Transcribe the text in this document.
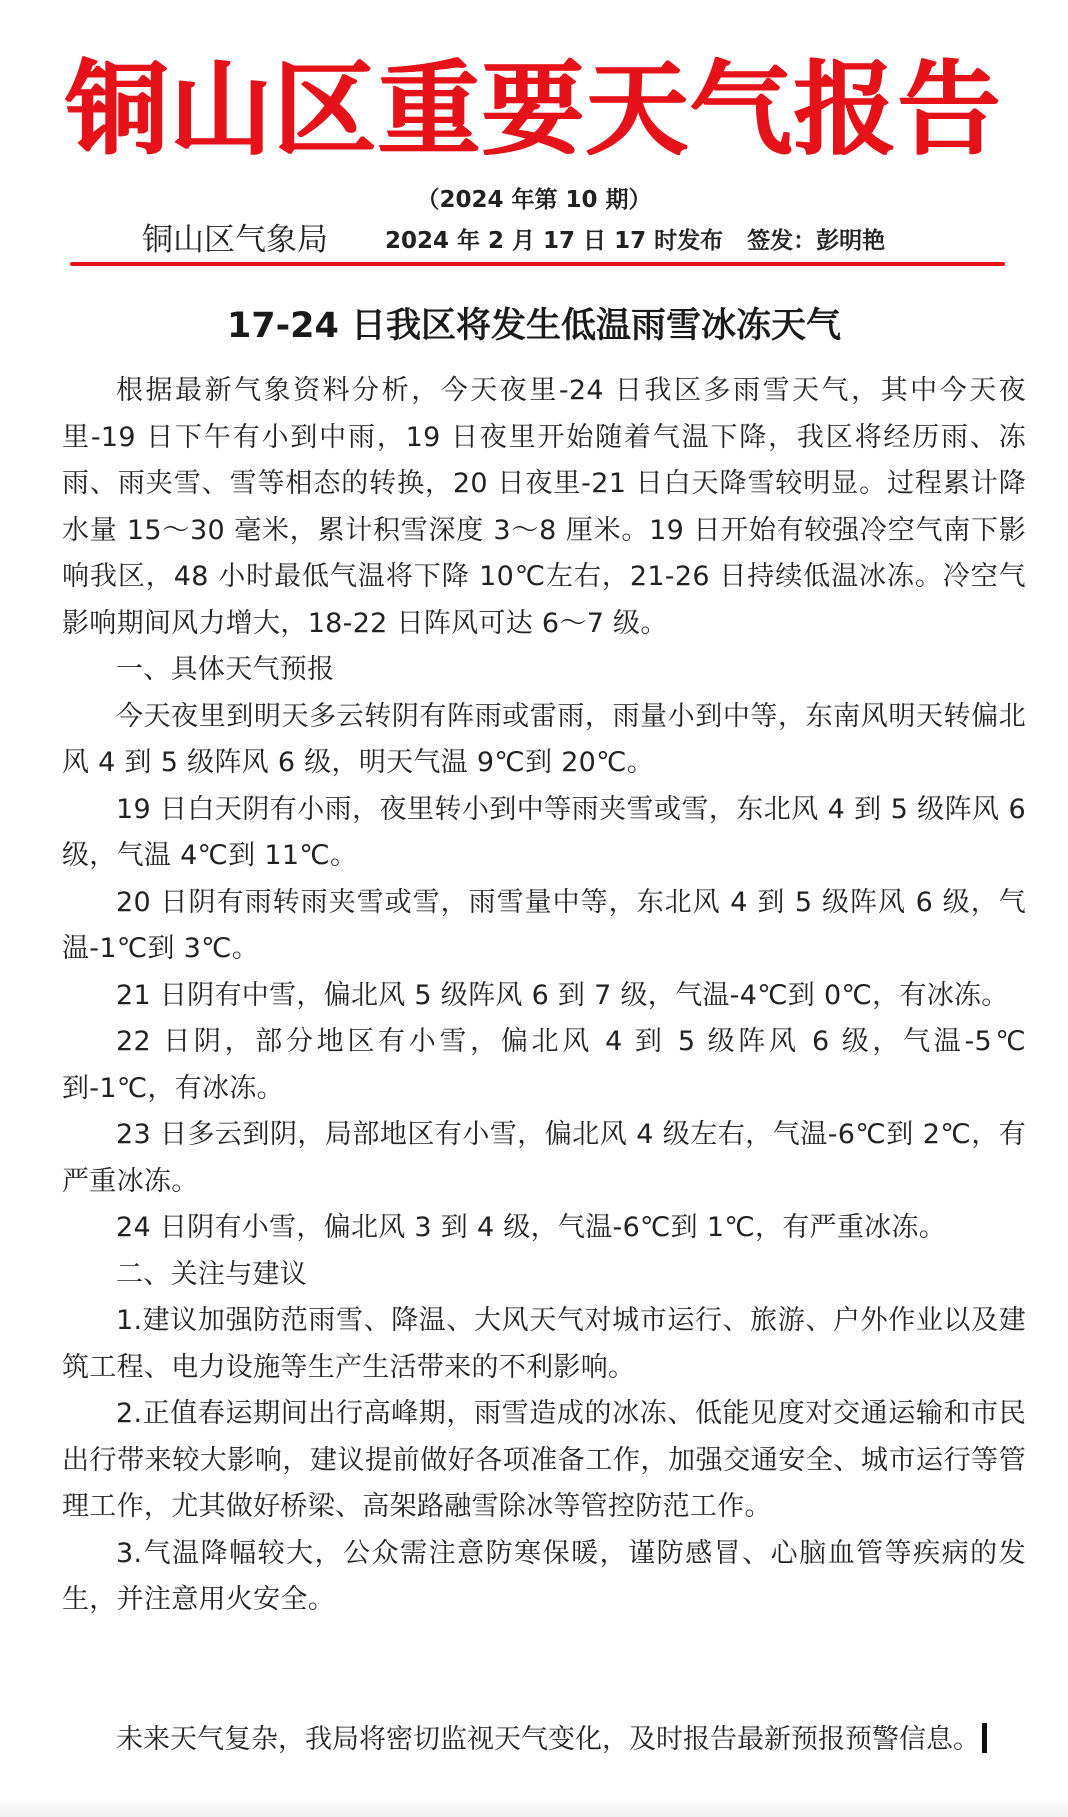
铜山区重要天气报告
（2024 年第 10 期）
铜山区气象局 2024 年 2 月 17 日 17 时发布 签发：彭明艳
17-24 日我区将发生低温雨雪冰冻天气

根据最新气象资料分析，今天夜里-24 日我区多雨雪天气，其中今天夜里-19 日下午有小到中雨，19 日夜里开始随着气温下降，我区将经历雨、冻雨、雨夹雪、雪等相态的转换，20 日夜里-21 日白天降雪较明显。过程累计降水量 15～30 毫米，累计积雪深度 3～8 厘米。19 日开始有较强冷空气南下影响我区，48 小时最低气温将下降 10℃左右，21-26 日持续低温冰冻。冷空气影响期间风力增大，18-22 日阵风可达 6～7 级。

一、具体天气预报

今天夜里到明天多云转阴有阵雨或雷雨，雨量小到中等，东南风明天转偏北风 4 到 5 级阵风 6 级，明天气温 9℃到 20℃。

19 日白天阴有小雨，夜里转小到中等雨夹雪或雪，东北风 4 到 5 级阵风 6 级，气温 4℃到 11℃。

20 日阴有雨转雨夹雪或雪，雨雪量中等，东北风 4 到 5 级阵风 6 级，气温-1℃到 3℃。

21 日阴有中雪，偏北风 5 级阵风 6 到 7 级，气温-4℃到 0℃，有冰冻。

22 日阴，部分地区有小雪，偏北风 4 到 5 级阵风 6 级，气温-5℃到-1℃，有冰冻。

23 日多云到阴，局部地区有小雪，偏北风 4 级左右，气温-6℃到 2℃，有严重冰冻。

24 日阴有小雪，偏北风 3 到 4 级，气温-6℃到 1℃，有严重冰冻。

二、关注与建议

1.建议加强防范雨雪、降温、大风天气对城市运行、旅游、户外作业以及建筑工程、电力设施等生产生活带来的不利影响。

2.正值春运期间出行高峰期，雨雪造成的冰冻、低能见度对交通运输和市民出行带来较大影响，建议提前做好各项准备工作，加强交通安全、城市运行等管理工作，尤其做好桥梁、高架路融雪除冰等管控防范工作。

3.气温降幅较大，公众需注意防寒保暖，谨防感冒、心脑血管等疾病的发生，并注意用火安全。

未来天气复杂，我局将密切监视天气变化，及时报告最新预报预警信息。
